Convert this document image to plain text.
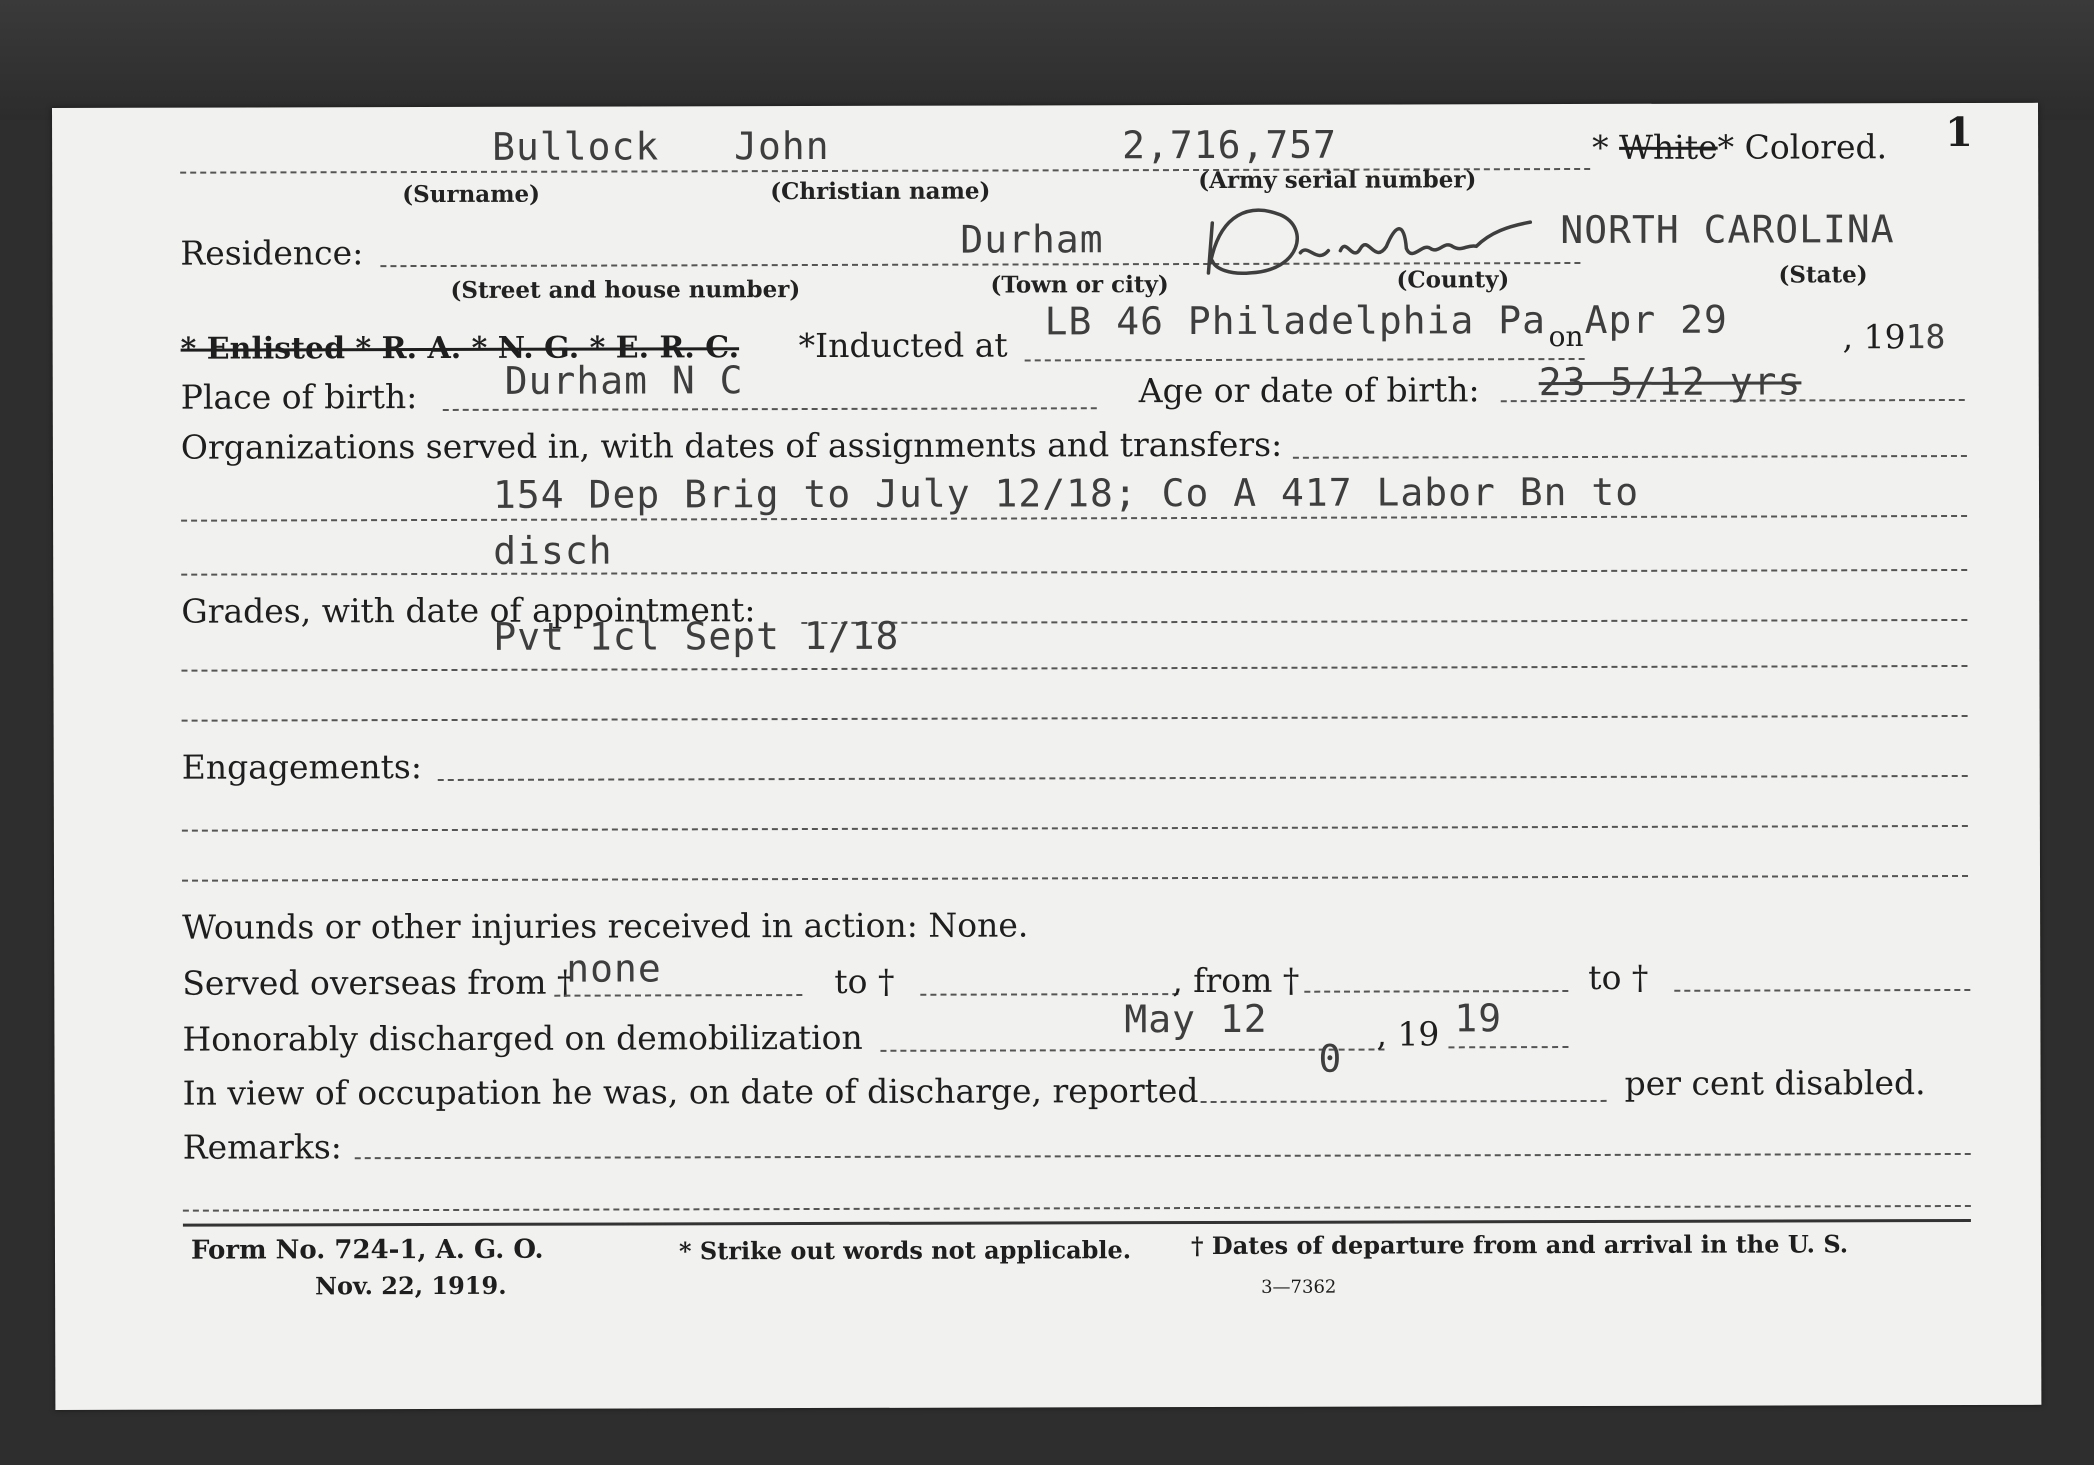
1
Bullock John	2,716,757	* White* Colored.
(Surname)	(Christian name)	(Army serial number)
Residence:	Durham	NORTH CAROLINA
(Street and house number)	(Town or city)	(County)	(State)
* Enlisted * R. A. * N. G. * E. R. C. *Inducted at
LB 46 Philadelphia Pa on Apr 29	, 1918
Place of birth: Durham N C	Age or date of birth: 23 5/12 yrs
Organizations served in, with dates of assignments and transfers:
154 Dep Brig to July 12/18; Co A 417 Labor Bn to
disch
Grades, with date of appointment:
Pvt 1cl Sept 1/18
Engagements:
Wounds or other injuries received in action: None.
Served overseas from †
none	to †	, from †	to †
Honorably discharged on demobilization	May 12	, 19 19
In view of occupation he was, on date of discharge, reported
0
per cent disabled.
Remarks:
Form No. 724-1, A. G. O.
Nov. 22, 1919.
* Strike out words not applicable. † Dates of departure from and arrival in the U. S.
3—7362
